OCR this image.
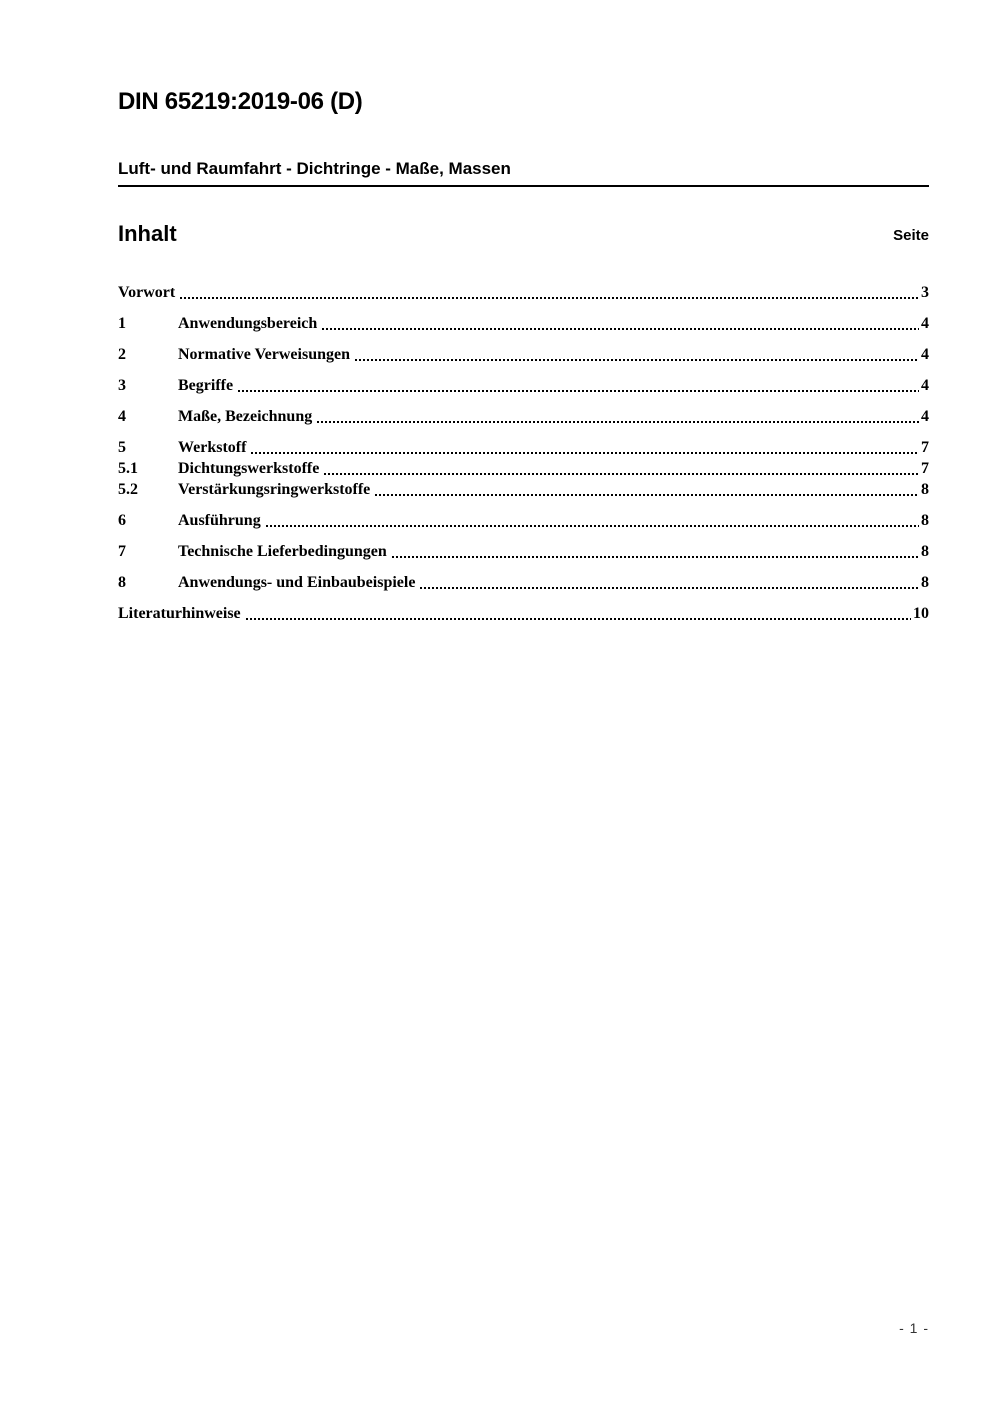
DIN 65219:2019-06 (D)
Luft- und Raumfahrt - Dichtringe - Maße, Massen
Inhalt	Seite
Vorwort	3
1	Anwendungsbereich	4
2	Normative Verweisungen	4
3	Begriffe	4
4	Maße, Bezeichnung	4
5	Werkstoff	7
5.1	Dichtungswerkstoffe	7
5.2	Verstärkungsringwerkstoffe	8
6	Ausführung	8
7	Technische Lieferbedingungen	8
8	Anwendungs- und Einbaubeispiele	8
Literaturhinweise	10
- 1 -
